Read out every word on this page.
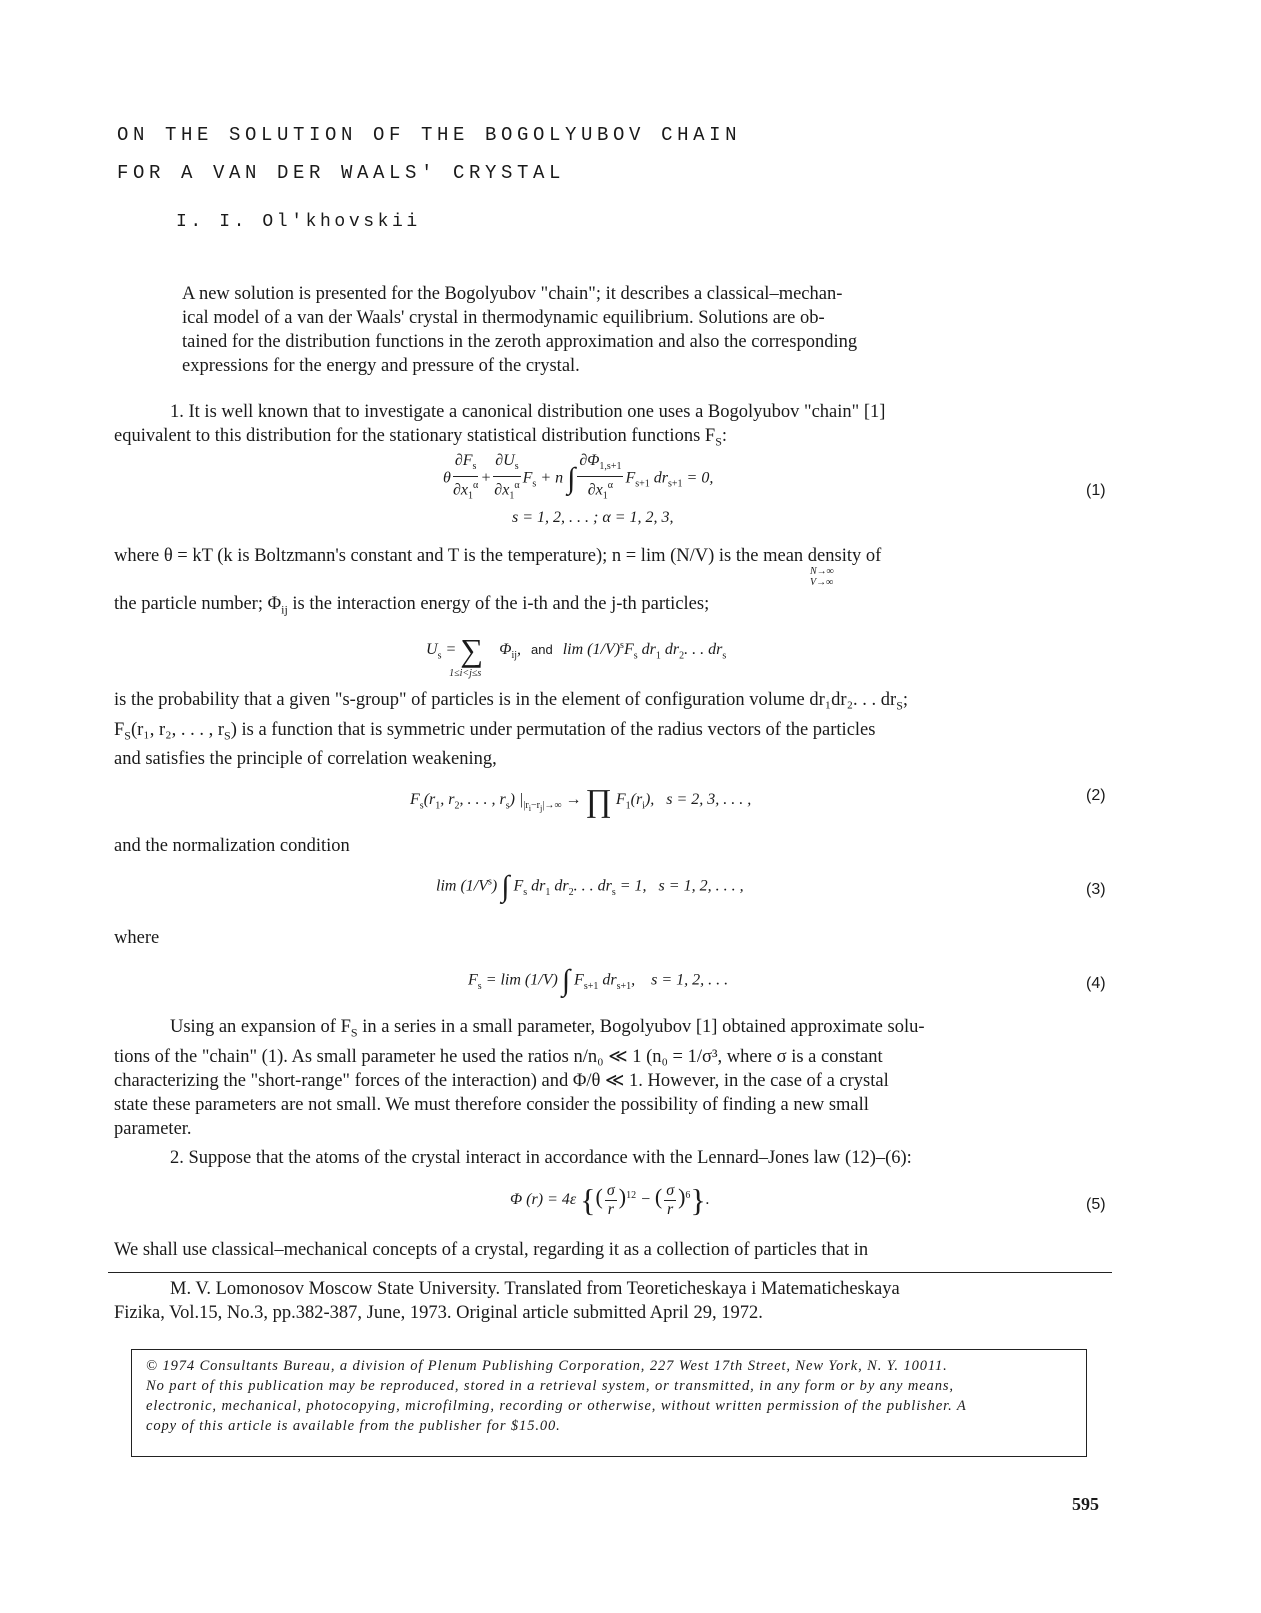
ON THE SOLUTION OF THE BOGOLYUBOV CHAIN
FOR A VAN DER WAALS' CRYSTAL
I. I. Ol'khovskii
A new solution is presented for the Bogolyubov "chain"; it describes a classical–mechan-
ical model of a van der Waals' crystal in thermodynamic equilibrium. Solutions are ob-
tained for the distribution functions in the zeroth approximation and also the corresponding
expressions for the energy and pressure of the crystal.
1. It is well known that to investigate a canonical distribution one uses a Bogolyubov "chain" [1]
equivalent to this distribution for the stationary statistical distribution functions $F_S$:
θ $\frac{\partial F_s}{\partial x_1^\alpha} + \frac{\partial U_s}{\partial x_1^\alpha} F_s + n$ ∫ $\frac{\partial\Phi_{1,s+1}}{\partial x_1^\alpha} F_{s+1}$ $dr_{s+1} = 0$,
s = 1, 2, . . . ; α = 1, 2, 3,
(1)
where θ = kT (k is Boltzmann's constant and T is the temperature); n = lim (N/V) is the mean density of
N→∞ V→∞
the particle number; $\Phi_{ij}$ is the interaction energy of the i-th and the j-th particles;
$U_s = \sum_{1\le i<j\le s}$ $\Phi_{ij}$, and $\lim (1/V)^sF_s$ $dr_1$ $dr_2$. . . $dr_s$
is the probability that a given "s-group" of particles is in the element of configuration volume dr₁dr₂. . . $dr_S$;
$F_S(r_1$, r₂, . . . , $r_S$) is a function that is symmetric under permutation of the radius vectors of the particles
and satisfies the principle of correlation weakening,
$F_s(r_1$, $r_2$, . . . , $r_s$) $|_{|r_i-r_j|\to\infty}$ → ∏ $F_1(r_i)$,   s = 2, 3, . . . ,	(2)
and the normalization condition
$\lim (1/V^s)$ ∫ $F_s$ $dr_1$ $dr_2$. . . $dr_s = 1$,   s = 1, 2, . . . ,	(3)
where
$F_s = \lim (1/V)$ ∫ $F_{s+1}$ $dr_{s+1}$,    s = 1, 2, . . .	(4)
Using an expansion of $F_S$ in a series in a small parameter, Bogolyubov [1] obtained approximate solu-
tions of the "chain" (1). As small parameter he used the ratios n/n₀ ≪ 1 (n₀ = 1/σ³, where σ is a constant
characterizing the "short-range" forces of the interaction) and Φ/θ ≪ 1. However, in the case of a crystal
state these parameters are not small. We must therefore consider the possibility of finding a new small
parameter.
2. Suppose that the atoms of the crystal interact in accordance with the Lennard–Jones law (12)–(6):
Φ (r) = 4ε {( $\frac{\sigma}{r} )^{12}$ − ( $\frac{\sigma}{r} )^6$}.	(5)
We shall use classical–mechanical concepts of a crystal, regarding it as a collection of particles that in
M. V. Lomonosov Moscow State University. Translated from Teoreticheskaya i Matematicheskaya
Fizika, Vol.15, No.3, pp.382-387, June, 1973. Original article submitted April 29, 1972.
© 1974 Consultants Bureau, a division of Plenum Publishing Corporation, 227 West 17th Street, New York, N. Y. 10011.
No part of this publication may be reproduced, stored in a retrieval system, or transmitted, in any form or by any means,
electronic, mechanical, photocopying, microfilming, recording or otherwise, without written permission of the publisher. A
copy of this article is available from the publisher for $15.00.
595
